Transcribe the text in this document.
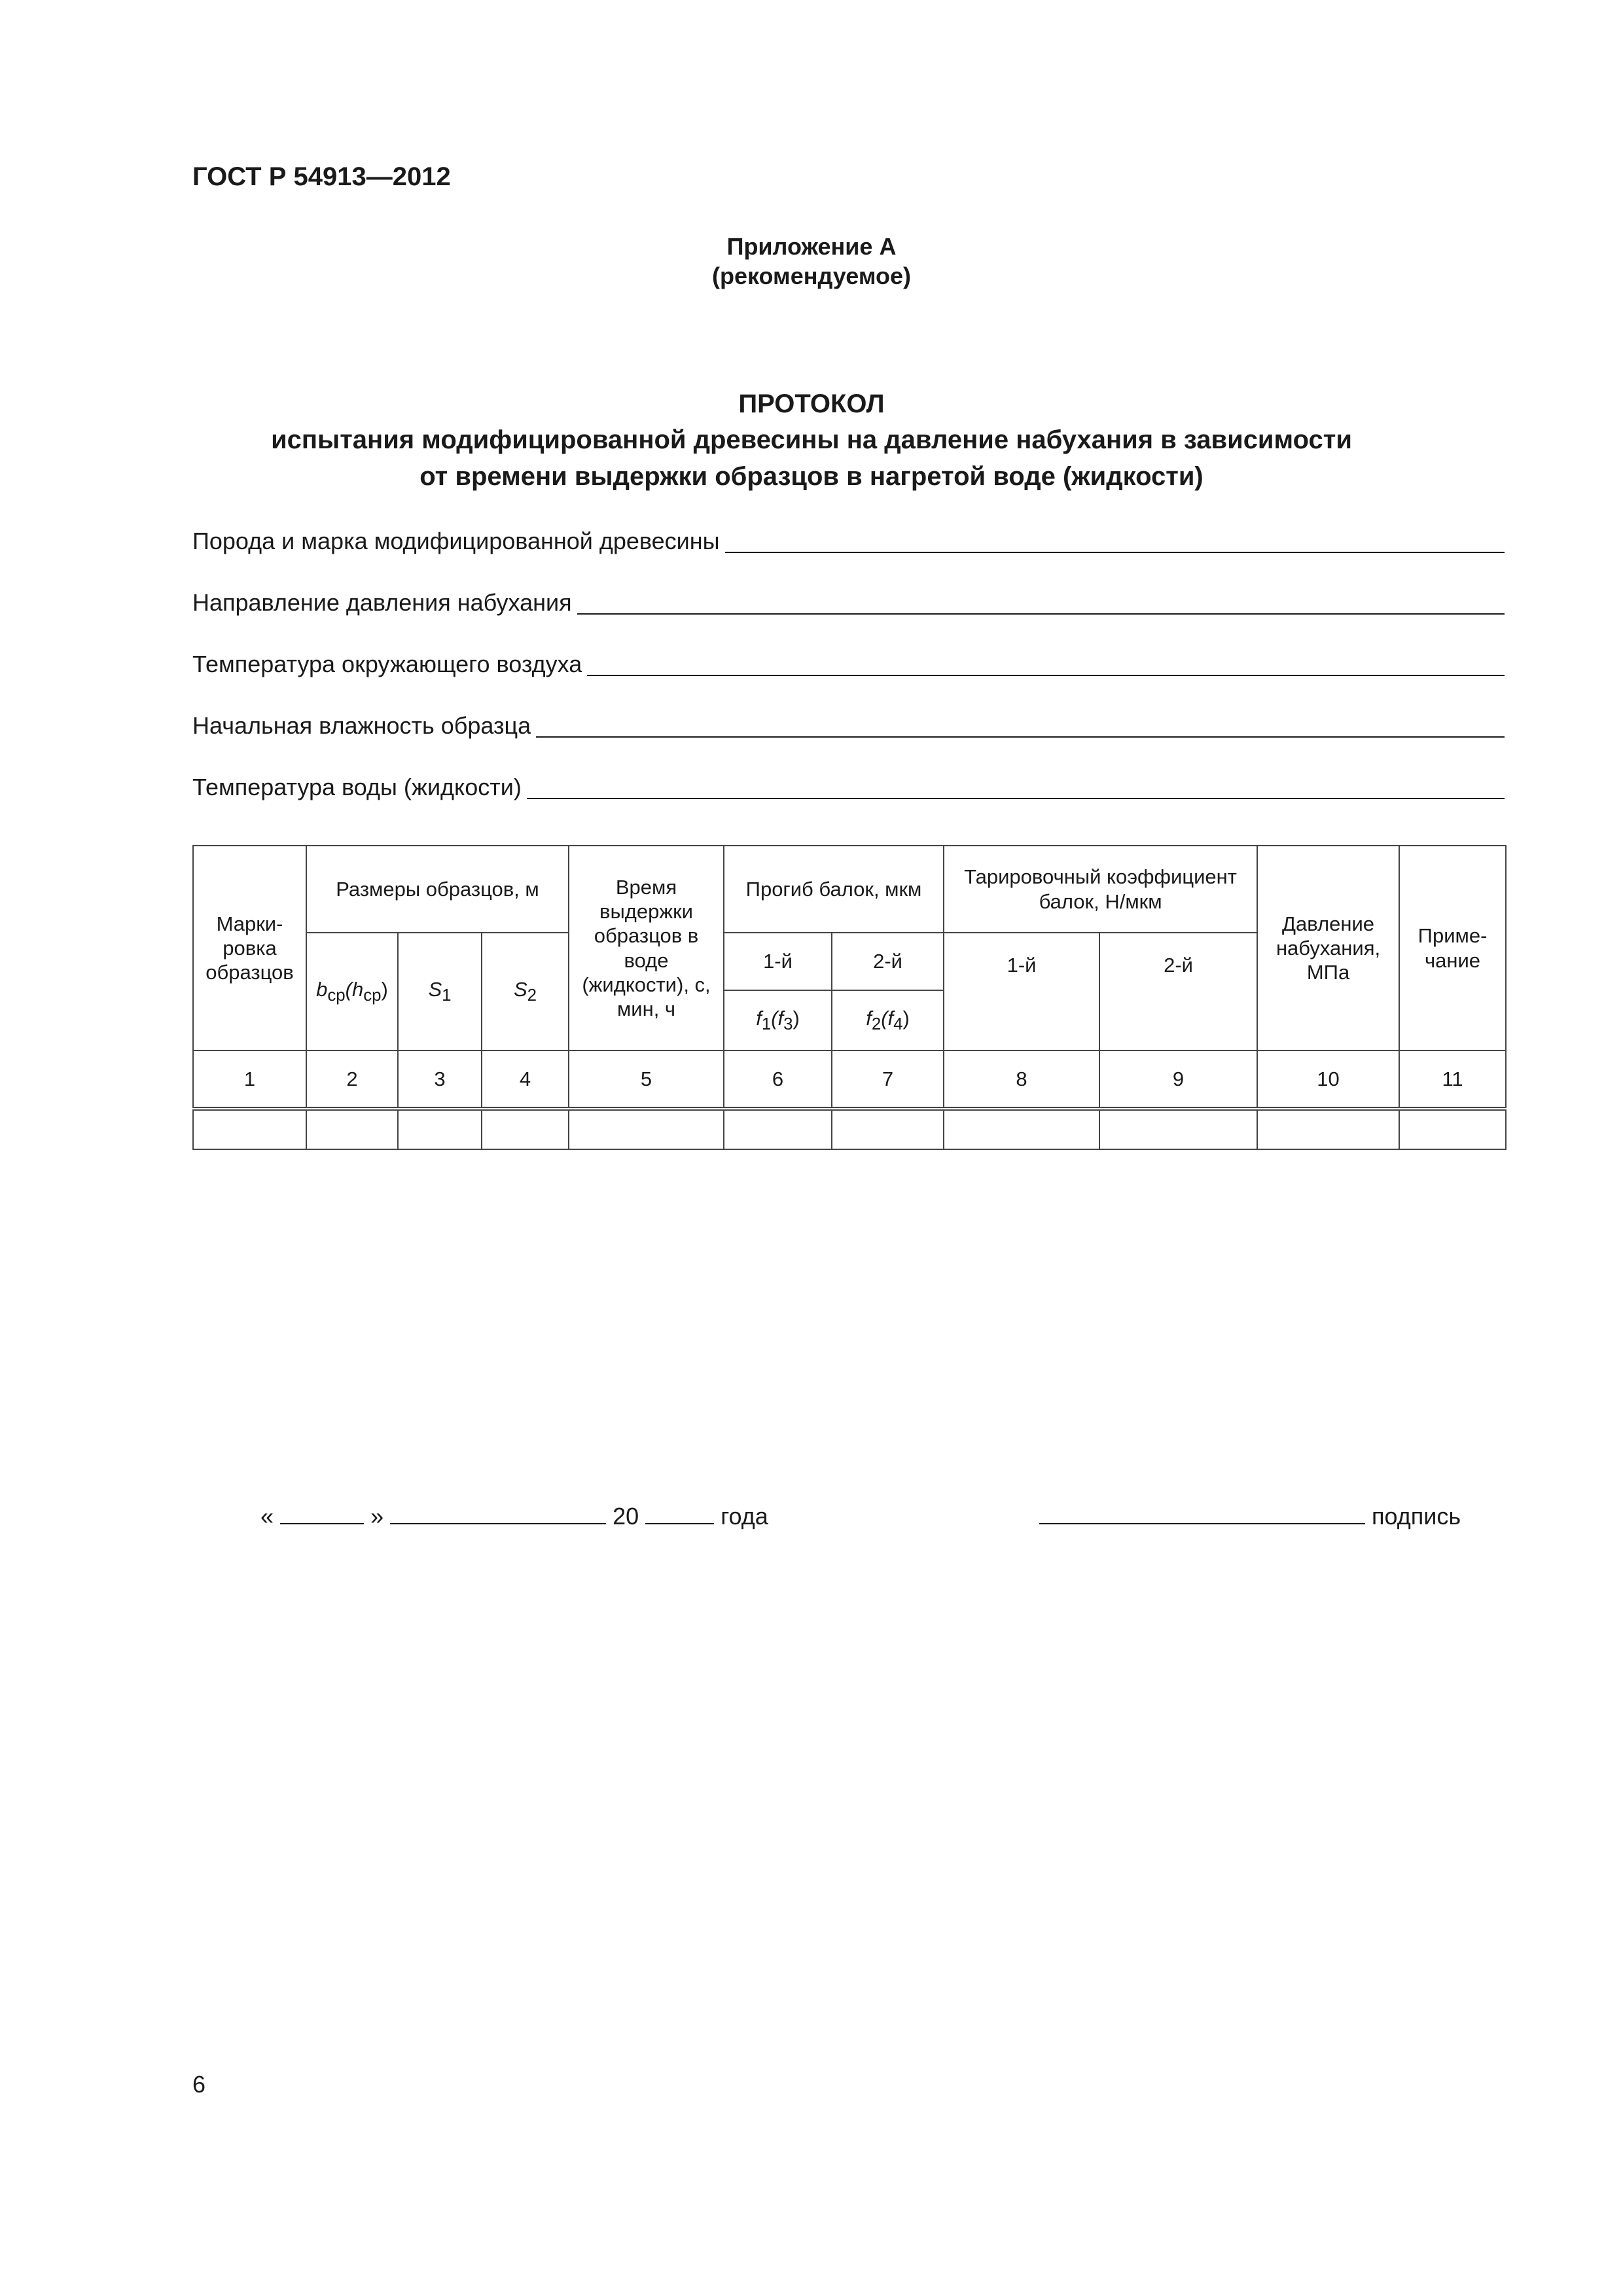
ГОСТ Р 54913—2012
Приложение А
(рекомендуемое)
ПРОТОКОЛ
испытания модифицированной древесины на давление набухания в зависимости
от времени выдержки образцов в нагретой воде (жидкости)
Порода и марка модифицированной древесины
Направление давления набухания
Температура окружающего воздуха
Начальная влажность образца
Температура воды (жидкости)
Марки-ровка образцов	Размеры образцов, м			Время выдержки образцов в воде (жидкости), с, мин, ч	Прогиб балок, мкм		Тарировочный коэффициент балок, Н/мкм		Давление набухания, МПа	Приме-чание
	$b_{ср}(h_{ср})$	$S_1$	$S_2$		1-й	2-й	1-й	2-й		
					$f_1(f_3)$	$f_2(f_4)$				
1	2	3	4	5	6	7	8	9	10	11

«	»	20	года	подпись
6
